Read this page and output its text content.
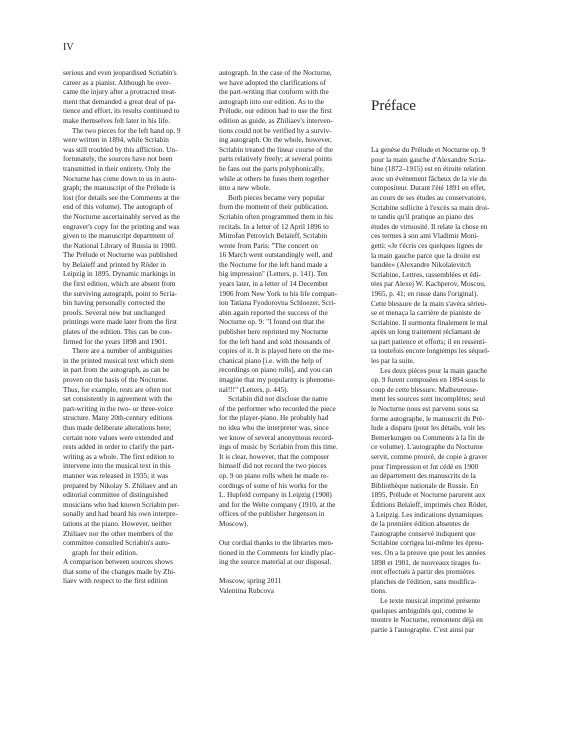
IV

serious and even jeopardised Scriabin's
career as a pianist. Although he over-
came the injury after a protracted treat-
ment that demanded a great deal of pa-
tience and effort, its results continued to
make themselves felt later in his life.

The two pieces for the left hand op. 9
were written in 1894, while Scriabin
was still troubled by this affliction. Un-
fortunately, the sources have not been
transmitted in their entirety. Only the
Nocturne has come down to us in auto-
graph; the manuscript of the Prélude is
lost (for details see the Comments at the
end of this volume). The autograph of
the Nocturne ascertainably served as the
engraver's copy for the printing and was
given to the manuscript department of
the National Library of Russia in 1900.
The Prélude et Nocturne was published
by Belaïeff and printed by Röder in
Leipzig in 1895. Dynamic markings in
the first edition, which are absent from
the surviving autograph, point to Scria-
bin having personally corrected the
proofs. Several new but unchanged
printings were made later from the first
plates of the edition. This can be con-
firmed for the years 1898 and 1901.

There are a number of ambiguities
in the printed musical text which stem
in part from the autograph, as can be
proven on the basis of the Nocturne.
Thus, for example, rests are often not
set consistently in agreement with the
part-writing in the two- or three-voice
structure. Many 20th-century editions
thus made deliberate alterations here;
certain note values were extended and
rests added in order to clarify the part-
writing as a whole. The first edition to
intervene into the musical text in this
manner was released in 1935; it was
prepared by Nikolay S. Zhiliaev and an
editorial committee of distinguished
musicians who had known Scriabin per-
sonally and had heard his own interpre-
tations at the piano. However, neither
Zhiliaev nor the other members of the
committee consulted Scriabin's auto-

graph for their edition.
A comparison between sources shows
that some of the changes made by Zhi-
liaev with respect to the first edition

autograph. In the case of the Nocturne,
we have adopted the clarifications of
the part-writing that conform with the
autograph into our edition. As to the
Prélude, our edition had to use the first
edition as guide, as Zhiliaev's interven-
tions could not be verified by a surviv-
ing autograph. On the whole, however,
Scriabin treated the linear course of the
parts relatively freely; at several points
he fans out the parts polyphonically,
while at others he fuses them together
into a new whole.

Both pieces became very popular
from the moment of their publication.
Scriabin often programmed them in his
recitals. In a letter of 12 April 1896 to
Mitrofan Petrovich Belaïeff, Scriabin
wrote from Paris: "The concert on
16 March went outstandingly well, and
the Nocturne for the left hand made a
big impression" (Letters, p. 141). Ten
years later, in a letter of 14 December
1906 from New York to his life compan-
ion Tatiana Fyodorovna Schloezer, Scri-
abin again reported the success of the
Nocturne op. 9: "I found out that the
publisher here reprinted my Nocturne
for the left hand and sold thousands of
copies of it. It is played here on the me-
chanical piano [i.e. with the help of
recordings on piano rolls], and you can
imagine that my popularity is phenome-
nal!!!" (Letters, p. 445).

Scriabin did not disclose the name
of the performer who recorded the piece
for the player-piano. He probably had
no idea who the interpreter was, since
we know of several anonymous record-
ings of music by Scriabin from this time.
It is clear, however, that the composer
himself did not record the two pieces
op. 9 on piano rolls when he made re-
cordings of some of his works for the
L. Hupfeld company in Leipzig (1908)
and for the Welte company (1910, at the
offices of the publisher Jurgenson in
Moscow).

Our cordial thanks to the libraries men-
tioned in the Comments for kindly plac-
ing the source material at our disposal.

Moscow, spring 2011
Valentina Rubcova

Préface

La genèse du Prélude et Nocturne op. 9
pour la main gauche d'Alexandre Scria-
bine (1872–1915) est en étroite relation
avec un événement fâcheux de la vie du
compositeur. Durant l'été 1891 en effet,
au cours de ses études au conservatoire,
Scriabine sollicite à l'excès sa main droi-
te tandis qu'il pratique au piano des
études de virtuosité. Il relate la chose en
ces termes à son ami Vladimir Moni-
getti: «Je t'écris ces quelques lignes de
la main gauche parce que la droite est
bandée» (Alexandre Nikolaïevitch
Scriabine, Lettres, rassemblées et édi-
tées par Alexej W. Kachperov, Moscou,
1965, p. 41; en russe dans l'original).
Cette blessure de la main s'avéra sérieu-
se et menaça la carrière de pianiste de
Scriabine. Il surmonta finalement le mal
après un long traitement réclamant de
sa part patience et efforts; il en ressenti-
ra toutefois encore longtemps les séquel-
les par la suite.

Les deux pièces pour la main gauche
op. 9 furent composées en 1894 sous le
coup de cette blessure. Malheureuse-
ment les sources sont incomplètes; seul
le Nocturne nous est parvenu sous sa
forme autographe, le manuscrit du Pré-
lude a disparu (pour les détails, voir les
Bemerkungen ou Comments à la fin de
ce volume). L'autographe du Nocturne
servit, comme prouvé, de copie à graver
pour l'impression et fut cédé en 1900
au département des manuscrits de la
Bibliothèque nationale de Russie. En
1895, Prélude et Nocturne parurent aux
Éditions Belaïeff, imprimés chez Röder,
à Leipzig. Les indications dynamiques
de la première édition absentes de
l'autographe conservé indiquent que
Scriabine corrigea lui-même les épreu-
ves. On a la preuve que pour les années
1898 et 1901, de nouveaux tirages fu-
rent effectués à partir des premières
planches de l'édition, sans modifica-
tions.

Le texte musical imprimé présente
quelques ambiguïtés qui, comme le
montre le Nocturne, remontent déjà en
partie à l'autographe. C'est ainsi par
